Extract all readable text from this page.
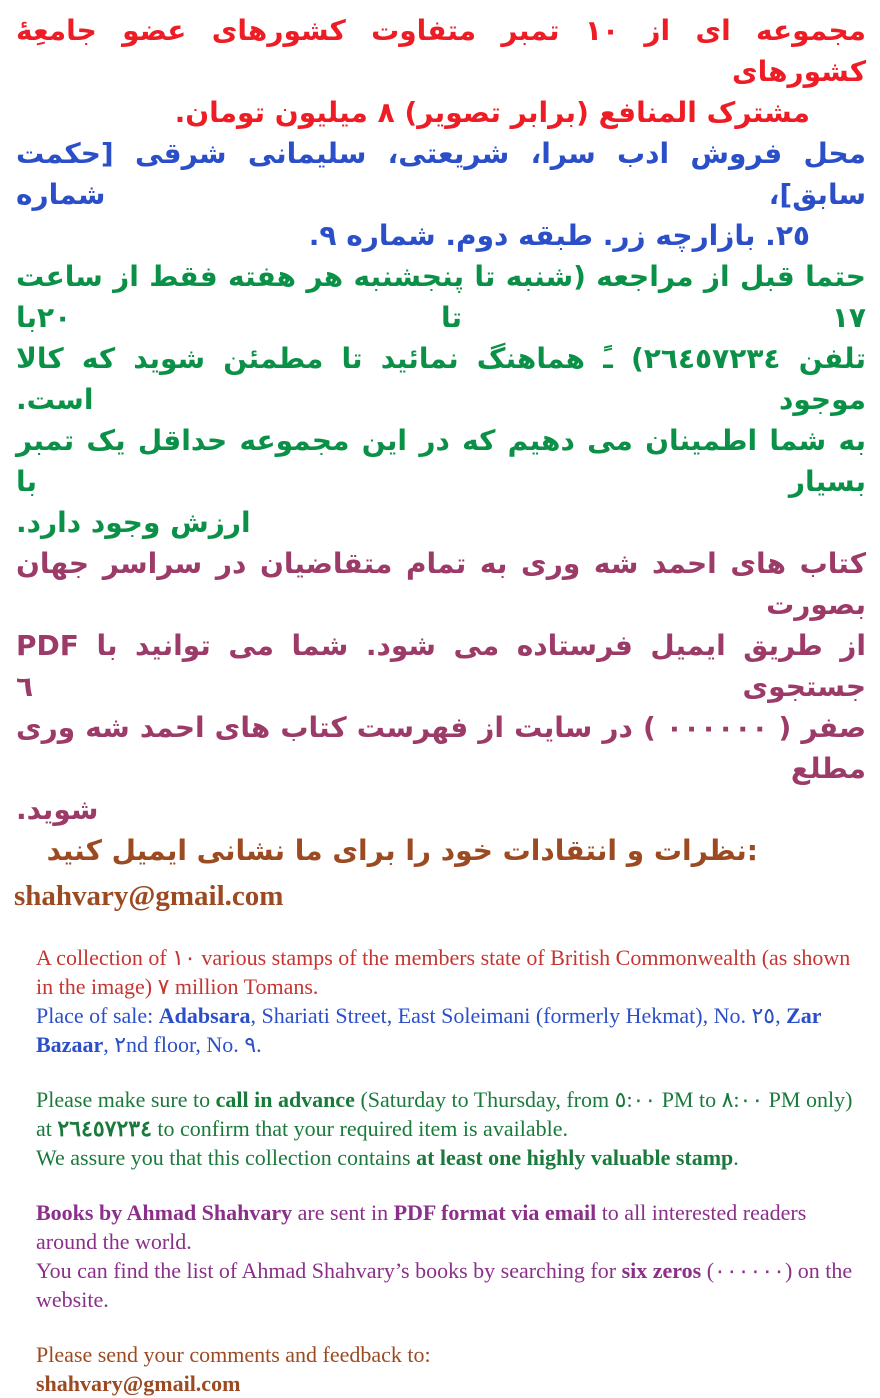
مجموعه ای از ١٠ تمبر متفاوت کشورهای عضو جامعِۀ کشورهای
مشترک المنافع (برابر تصویر) ٨ میلیون تومان.
محل فروش ادب سرا، شریعتی، سلیمانی شرقی [حکمت سابق]، شماره
٢٥. بازارچه زر. طبقه دوم. شماره ٩.
حتما قبل از مراجعه (شنبه تا پنجشنبه هر هفته فقط از ساعت ١٧ تا ٢٠با
تلفن ٢٦٤٥٧٢٣٤) ـً هماهنگ نمائید تا مطمئن شوید که کالا موجود است.
به شما اطمینان می دهیم که در این مجموعه حداقل یک تمبر بسیار با
ارزش وجود دارد.
کتاب های احمد شه وری به تمام متقاضیان در سراسر جهان بصورت
PDF از طریق ایمیل فرستاده می شود. شما می توانید با جستجوی ٦
صفر ( ٠٠٠٠٠٠ ) در سایت از فهرست کتاب های احمد شه وری مطلع
شوید.
نظرات و انتقادات خود را برای ما نشانی ایمیل کنید:
shahvary@gmail.com

A collection of ١٠ various stamps of the members state of British Commonwealth (as shown in the image) ٧ million Tomans.

Place of sale: Adabsara, Shariati Street, East Soleimani (formerly Hekmat), No. ٢٥, Zar Bazaar, ٢nd floor, No. ٩.

Please make sure to call in advance (Saturday to Thursday, from ٥:٠٠ PM to ٨:٠٠ PM only) at ٢٦٤٥٧٢٣٤ to confirm that your required item is available.

We assure you that this collection contains at least one highly valuable stamp.

Books by Ahmad Shahvary are sent in PDF format via email to all interested readers around the world.

You can find the list of Ahmad Shahvary’s books by searching for six zeros (٠٠٠٠٠٠) on the website.

Please send your comments and feedback to:

shahvary@gmail.com
